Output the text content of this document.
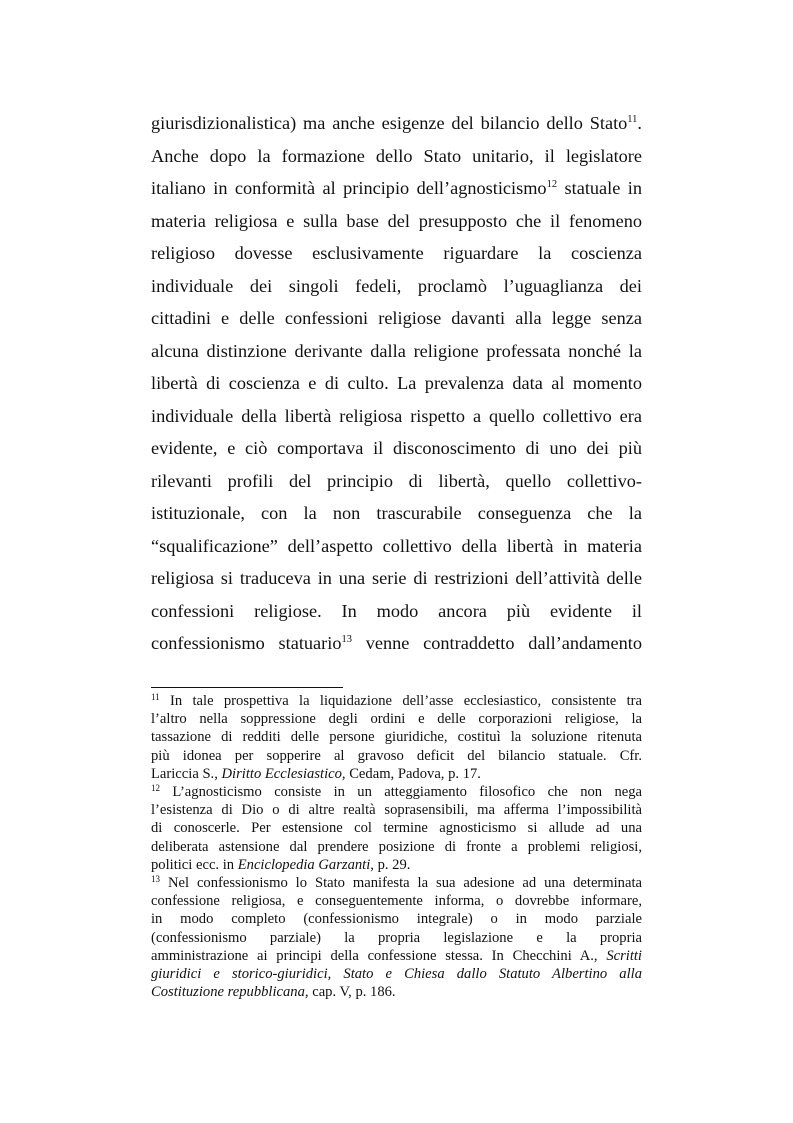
giurisdizionalistica) ma anche esigenze del bilancio dello Stato$^{11}$.
Anche dopo la formazione dello Stato unitario, il legislatore
italiano in conformità al principio dell’agnosticismo$^{12}$ statuale in
materia religiosa e sulla base del presupposto che il fenomeno
religioso dovesse esclusivamente riguardare la coscienza
individuale dei singoli fedeli, proclamò l’uguaglianza dei
cittadini e delle confessioni religiose davanti alla legge senza
alcuna distinzione derivante dalla religione professata nonché la
libertà di coscienza e di culto. La prevalenza data al momento
individuale della libertà religiosa rispetto a quello collettivo era
evidente, e ciò comportava il disconoscimento di uno dei più
rilevanti profili del principio di libertà, quello collettivo-
istituzionale, con la non trascurabile conseguenza che la
“squalificazione” dell’aspetto collettivo della libertà in materia
religiosa si traduceva in una serie di restrizioni dell’attività delle
confessioni religiose. In modo ancora più evidente il
confessionismo statuario$^{13}$ venne contraddetto dall’andamento
$^{11}$ In tale prospettiva la liquidazione dell’asse ecclesiastico, consistente tra
l’altro nella soppressione degli ordini e delle corporazioni religiose, la
tassazione di redditi delle persone giuridiche, costituì la soluzione ritenuta
più idonea per sopperire al gravoso deficit del bilancio statuale. Cfr.
Lariccia S., Diritto Ecclesiastico, Cedam, Padova, p. 17.
$^{12}$ L’agnosticismo consiste in un atteggiamento filosofico che non nega
l’esistenza di Dio o di altre realtà soprasensibili, ma afferma l’impossibilità
di conoscerle. Per estensione col termine agnosticismo si allude ad una
deliberata astensione dal prendere posizione di fronte a problemi religiosi,
politici ecc. in Enciclopedia Garzanti, p. 29.
$^{13}$ Nel confessionismo lo Stato manifesta la sua adesione ad una determinata
confessione religiosa, e conseguentemente informa, o dovrebbe informare,
in modo completo (confessionismo integrale) o in modo parziale
(confessionismo parziale) la propria legislazione e la propria
amministrazione ai principi della confessione stessa. In Checchini A., Scritti
giuridici e storico-giuridici, Stato e Chiesa dallo Statuto Albertino alla
Costituzione repubblicana, cap. V, p. 186.
